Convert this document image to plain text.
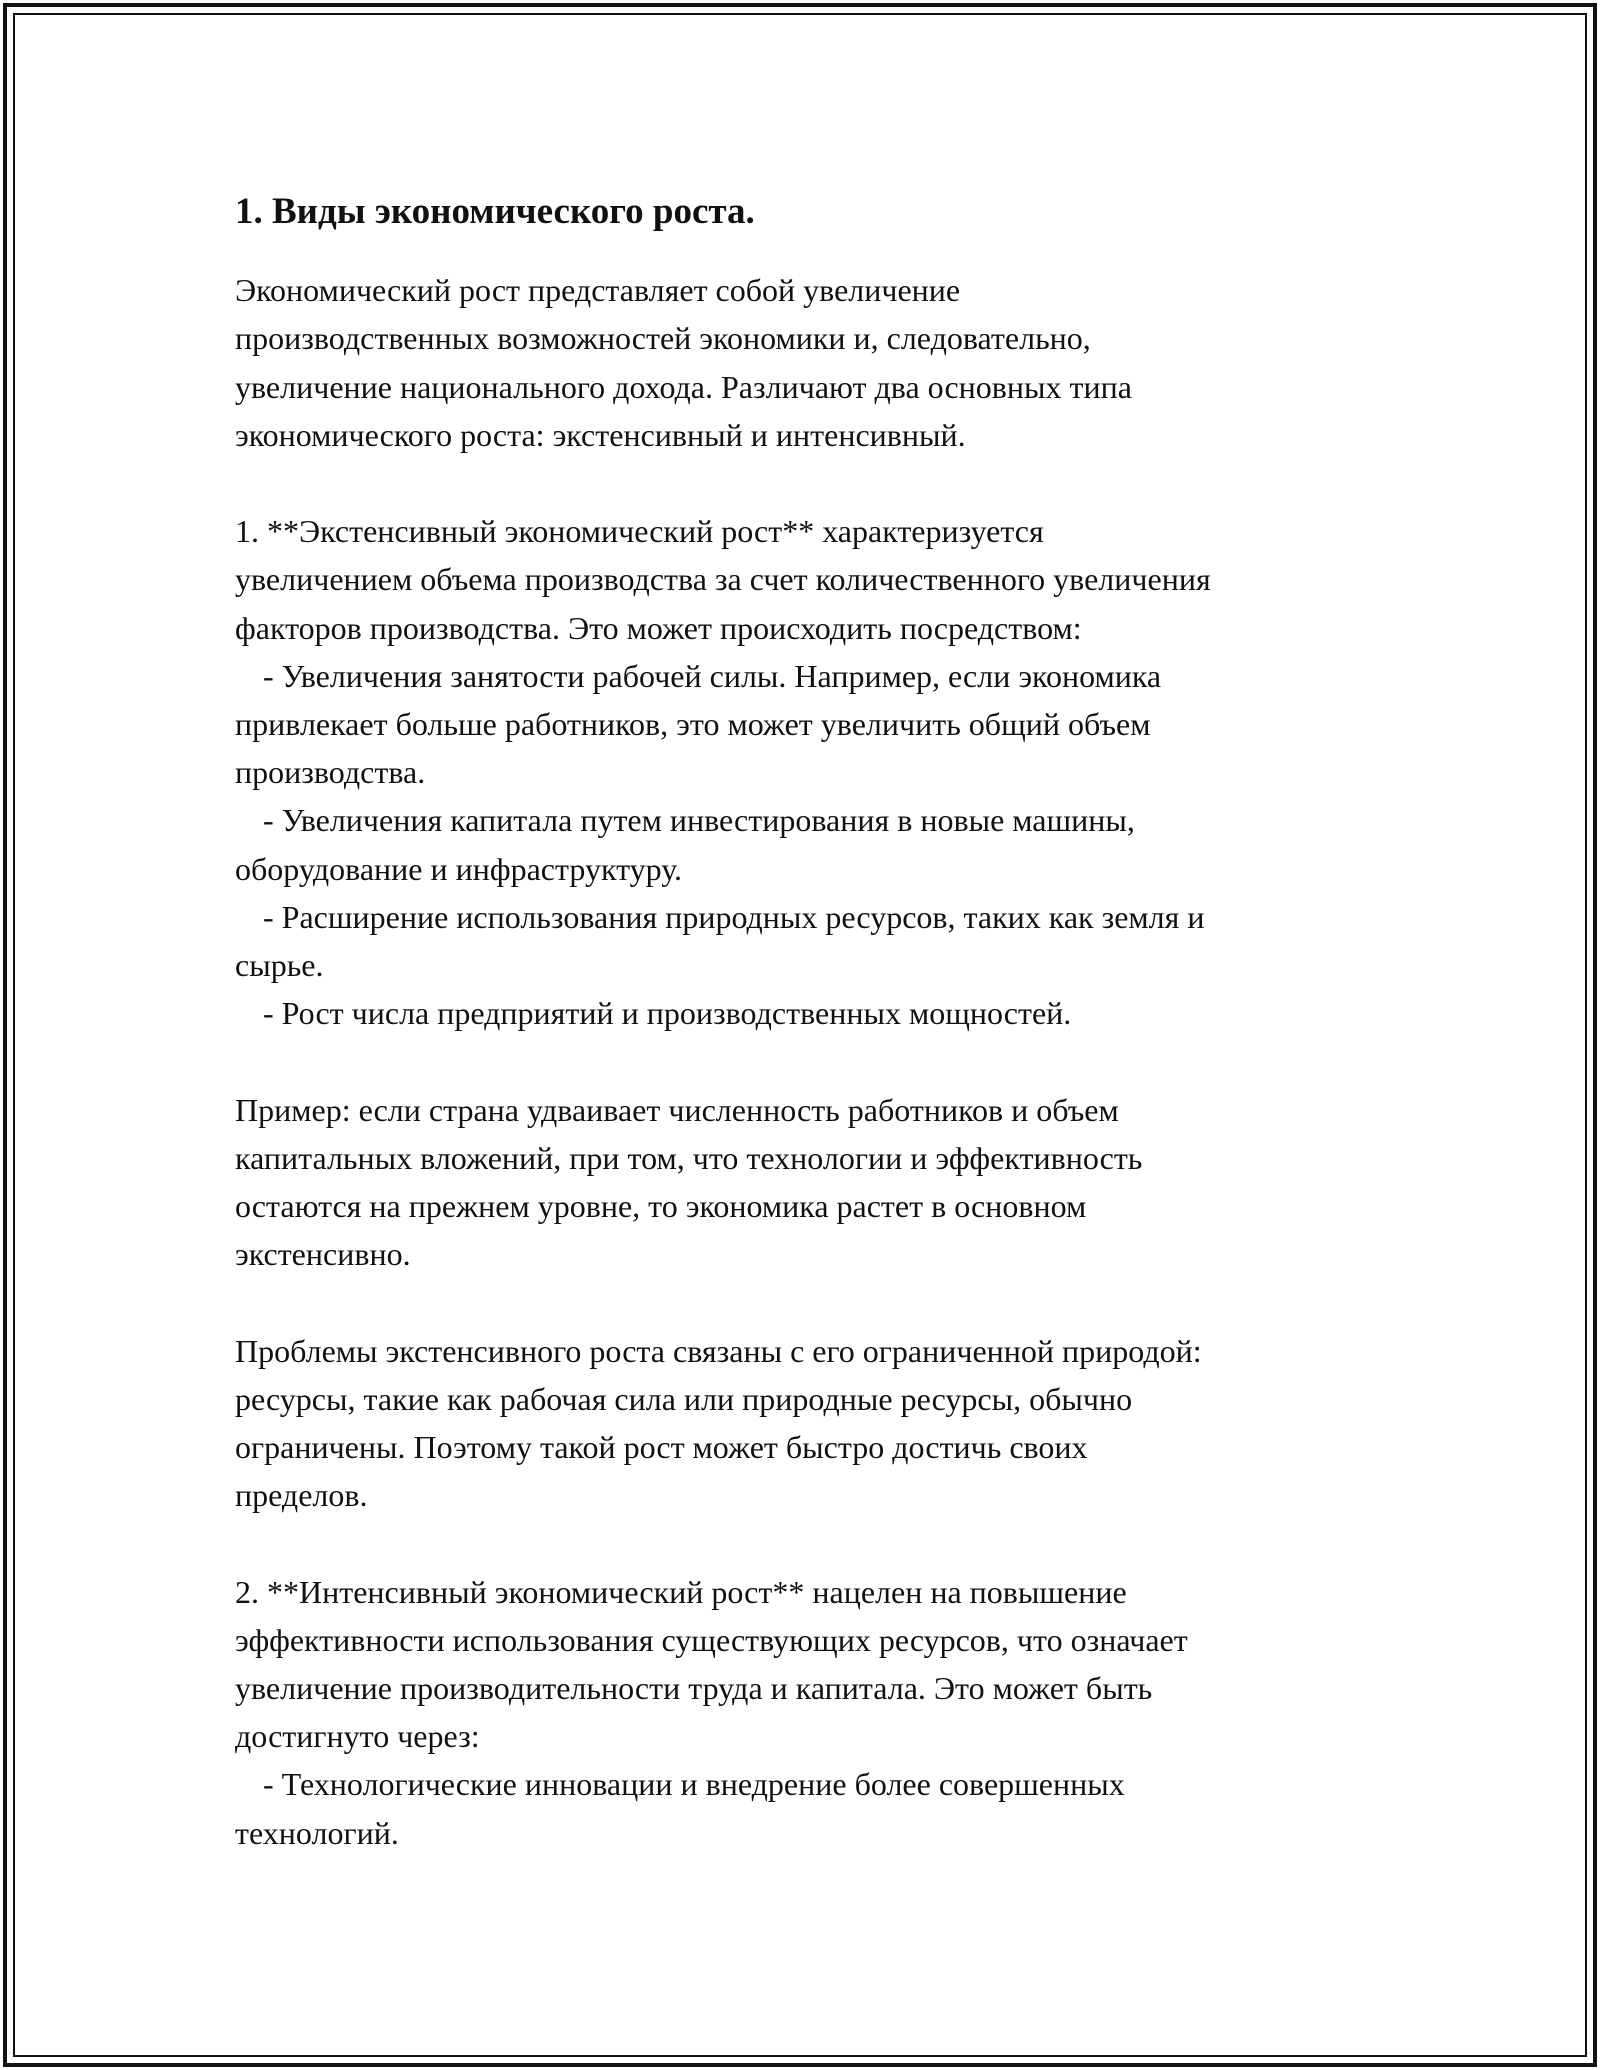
1. Виды экономического роста.
Экономический рост представляет собой увеличение
производственных возможностей экономики и, следовательно,
увеличение национального дохода. Различают два основных типа
экономического роста: экстенсивный и интенсивный.
1. **Экстенсивный экономический рост** характеризуется
увеличением объема производства за счет количественного увеличения
факторов производства. Это может происходить посредством:
- Увеличения занятости рабочей силы. Например, если экономика
привлекает больше работников, это может увеличить общий объем
производства.
- Увеличения капитала путем инвестирования в новые машины,
оборудование и инфраструктуру.
- Расширение использования природных ресурсов, таких как земля и
сырье.
- Рост числа предприятий и производственных мощностей.
Пример: если страна удваивает численность работников и объем
капитальных вложений, при том, что технологии и эффективность
остаются на прежнем уровне, то экономика растет в основном
экстенсивно.
Проблемы экстенсивного роста связаны с его ограниченной природой:
ресурсы, такие как рабочая сила или природные ресурсы, обычно
ограничены. Поэтому такой рост может быстро достичь своих
пределов.
2. **Интенсивный экономический рост** нацелен на повышение
эффективности использования существующих ресурсов, что означает
увеличение производительности труда и капитала. Это может быть
достигнуто через:
- Технологические инновации и внедрение более совершенных
технологий.
